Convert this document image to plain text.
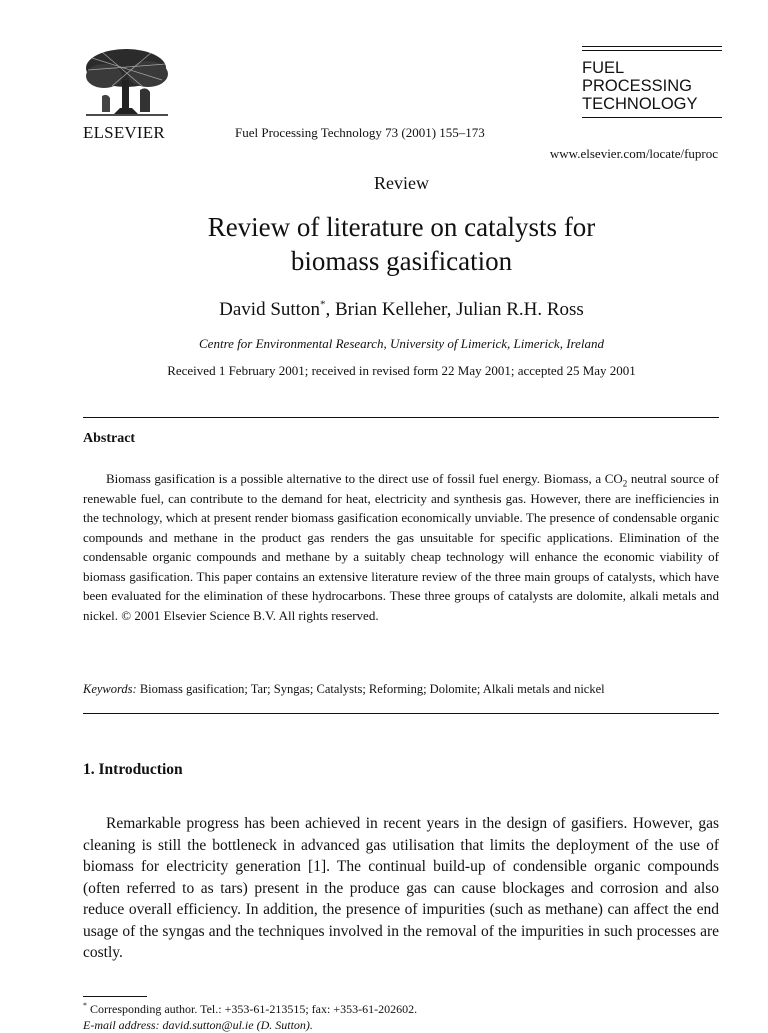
ELSEVIER	Fuel Processing Technology 73 (2001) 155–173
FUEL
PROCESSING
TECHNOLOGY
www.elsevier.com/locate/fuproc
Review
Review of literature on catalysts for
biomass gasification
David Sutton*, Brian Kelleher, Julian R.H. Ross
Centre for Environmental Research, University of Limerick, Limerick, Ireland
Received 1 February 2001; received in revised form 22 May 2001; accepted 25 May 2001
Abstract
Biomass gasification is a possible alternative to the direct use of fossil fuel energy. Biomass, a $CO_2$ neutral source of renewable fuel, can contribute to the demand for heat, electricity and synthesis gas. However, there are inefficiencies in the technology, which at present render biomass gasification economically unviable. The presence of condensable organic compounds and methane in the product gas renders the gas unsuitable for specific applications. Elimination of the condensable organic compounds and methane by a suitably cheap technology will enhance the economic viability of biomass gasification. This paper contains an extensive literature review of the three main groups of catalysts, which have been evaluated for the elimination of these hydrocarbons. These three groups of catalysts are dolomite, alkali metals and nickel. © 2001 Elsevier Science B.V. All rights reserved.
Keywords: Biomass gasification; Tar; Syngas; Catalysts; Reforming; Dolomite; Alkali metals and nickel
1. Introduction
Remarkable progress has been achieved in recent years in the design of gasifiers. However, gas cleaning is still the bottleneck in advanced gas utilisation that limits the deployment of the use of biomass for electricity generation [1]. The continual build-up of condensible organic compounds (often referred to as tars) present in the produce gas can cause blockages and corrosion and also reduce overall efficiency. In addition, the presence of impurities (such as methane) can affect the end usage of the syngas and the techniques involved in the removal of the impurities in such processes are costly.
* Corresponding author. Tel.: +353-61-213515; fax: +353-61-202602.
E-mail address: david.sutton@ul.ie (D. Sutton).
